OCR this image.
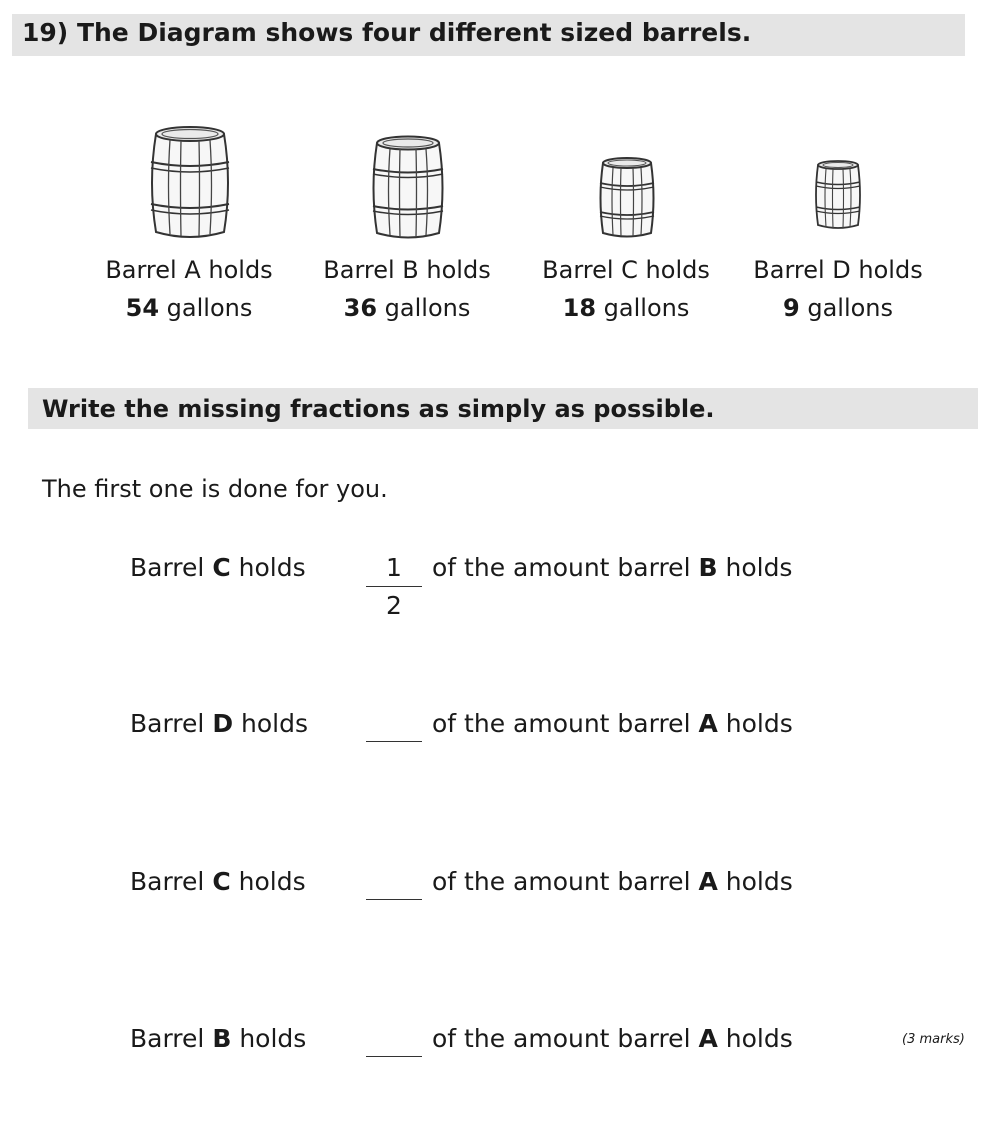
19) The Diagram shows four different sized barrels.
Barrel A holds
54 gallons
Barrel B holds
36 gallons
Barrel C holds
18 gallons
Barrel D holds
9 gallons
Write the missing fractions as simply as possible.
The first one is done for you.
Barrel C holds	1
2
of the amount barrel B holds
Barrel D holds	of the amount barrel A holds
Barrel C holds	of the amount barrel A holds
Barrel B holds	of the amount barrel A holds	(3 marks)
